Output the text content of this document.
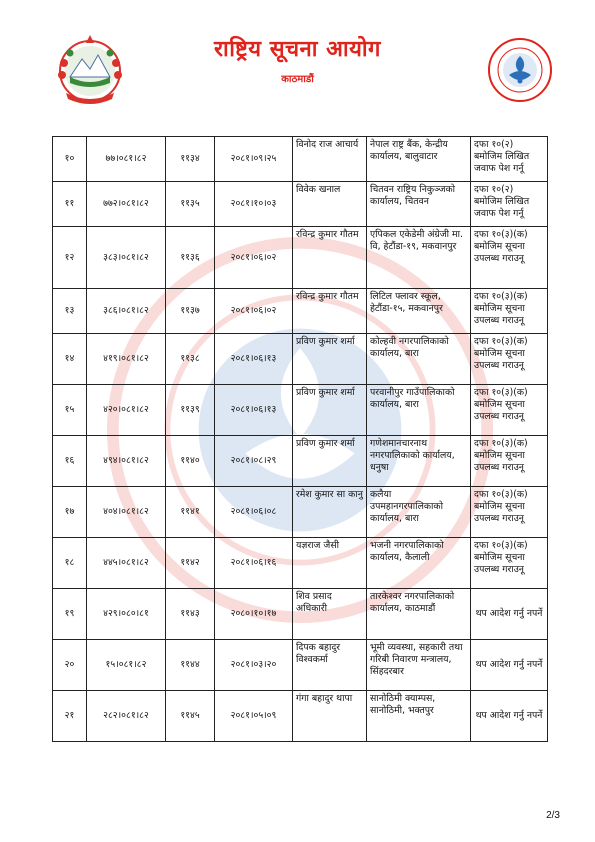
राष्ट्रिय सूचना आयोग
काठमाडौं
१०	७७।०८१।८२	११३४	२०८१।०९।२५	विनोद राज आचार्य	नेपाल राष्ट्र बैंक, केन्द्रीय कार्यालय, बालुवाटार	दफा १०(२) बमोजिम लिखित जवाफ पेश गर्नू
११	७७२।०८१।८२	११३५	२०८१।१०।०३	विवेक खनाल	चितवन राष्ट्रिय निकुञ्जको कार्यालय, चितवन	दफा १०(२) बमोजिम लिखित जवाफ पेश गर्नू
१२	३८३।०८१।८२	११३६	२०८१।०६।०२	रविन्द्र कुमार गौतम	एपिकल एकेडेमी अंग्रेजी मा. वि, हेटौंडा-१९, मकवानपुर	दफा १०(३)(क) बमोजिम सूचना उपलब्ध गराउनू
१३	३८६।०८१।८२	११३७	२०८१।०६।०२	रविन्द्र कुमार गौतम	लिटिल फ्लावर स्कूल, हेटौंडा-१५, मकवानपुर	दफा १०(३)(क) बमोजिम सूचना उपलब्ध गराउनू
१४	४१९।०८१।८२	११३८	२०८१।०६।१३	प्रविण कुमार शर्मा	कोल्हवी नगरपालिकाको कार्यालय, बारा	दफा १०(३)(क) बमोजिम सूचना उपलब्ध गराउनू
१५	४२०।०८१।८२	११३९	२०८१।०६।१३	प्रविण कुमार शर्मा	परवानीपुर गाउँपालिकाको कार्यालय, बारा	दफा १०(३)(क) बमोजिम सूचना उपलब्ध गराउनू
१६	४९४।०८१।८२	११४०	२०८१।०८।२९	प्रविण कुमार शर्मा	गणेशमानचारनाथ नगरपालिकाको कार्यालय, धनुषा	दफा १०(३)(क) बमोजिम सूचना उपलब्ध गराउनू
१७	४०४।०८१।८२	११४१	२०८१।०६।०८	रमेश कुमार सा कानु	कलैया उपमहानगरपालिकाको कार्यालय, बारा	दफा १०(३)(क) बमोजिम सूचना उपलब्ध गराउनू
१८	४४५।०८१।८२	११४२	२०८१।०६।१६	यज्ञराज जैसी	भजनी नगरपालिकाको कार्यालय, कैलाली	दफा १०(३)(क) बमोजिम सूचना उपलब्ध गराउनू
१९	४२९।०८०।८१	११४३	२०८०।१०।१७	शिव प्रसाद अधिकारी	तारकेश्वर नगरपालिकाको कार्यालय, काठमाडौं	थप आदेश गर्नु नपर्ने
२०	१५।०८१।८२	११४४	२०८१।०३।२०	दिपक बहादुर विश्वकर्मा	भूमी व्यवस्था, सहकारी तथा गरिबी निवारण मन्त्रालय, सिंहदरबार	थप आदेश गर्नु नपर्ने
२१	२८२।०८१।८२	११४५	२०८१।०५।०९	गंगा बहादुर थापा	सानोठिमी क्याम्पस, सानोठिमी, भक्तपुर	थप आदेश गर्नु नपर्ने
2/3
